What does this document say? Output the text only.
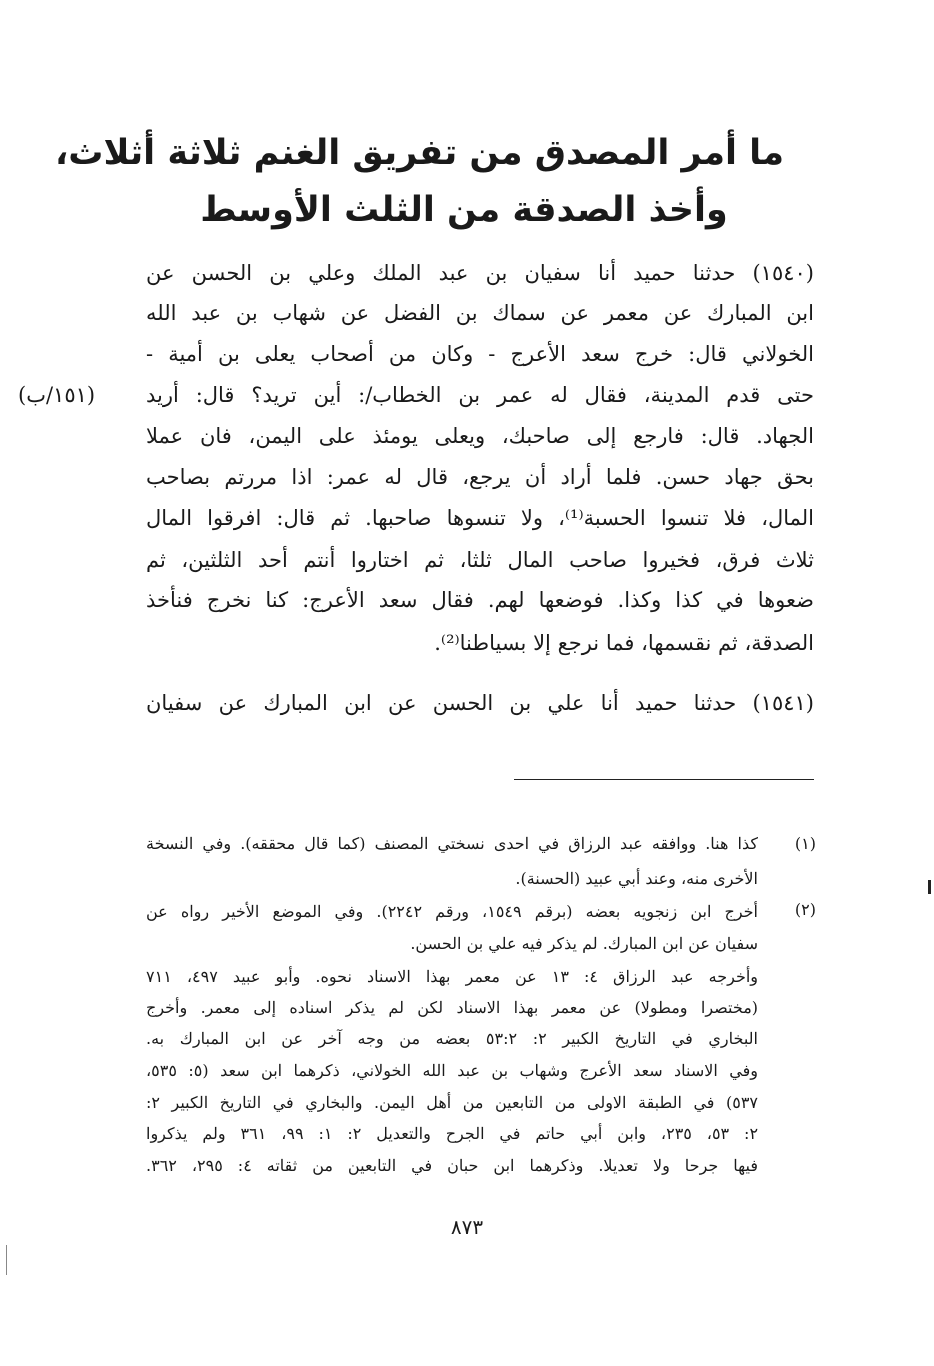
ما أمر المصدق من تفريق الغنم ثلاثة أثلاث،
وأخذ الصدقة من الثلث الأوسط
(١٥٤٠) حدثنا حميد أنا سفيان بن عبد الملك وعلي بن الحسن عن
ابن المبارك عن معمر عن سماك بن الفضل عن شهاب بن عبد الله
الخولاني قال: خرج سعد الأعرج - وكان من أصحاب يعلى بن أمية -
حتى قدم المدينة، فقال له عمر بن الخطاب/: أين تريد؟ قال: أريد
الجهاد. قال: فارجع إلى صاحبك، ويعلى يومئذ على اليمن، فان عملا
بحق جهاد حسن. فلما أراد أن يرجع، قال له عمر: اذا مررتم بصاحب
المال، فلا تنسوا الحسبة⁽¹⁾، ولا تنسوها صاحبها. ثم قال: افرقوا المال
ثلاث فرق، فخيروا صاحب المال ثلثا، ثم اختاروا أنتم أحد الثلثين، ثم
ضعوها في كذا وكذا. فوضعها لهم. فقال سعد الأعرج: كنا نخرج فنأخذ
الصدقة، ثم نقسمها، فما نرجع إلا بسياطنا⁽²⁾.
(١٥٤١) حدثنا حميد أنا علي بن الحسن عن ابن المبارك عن سفيان
(١٥١/ب)
(١)
كذا هنا. ووافقه عبد الرزاق في احدى نسختي المصنف (كما قال محققه). وفي النسخة
الأخرى منه، وعند أبي عبيد (الحسنة).
(٢)
أخرج ابن زنجويه بعضه (برقم ١٥٤٩، ورقم ٢٢٤٢). وفي الموضع الأخير رواه عن
سفيان عن ابن المبارك. لم يذكر فيه علي بن الحسن.
وأخرجه عبد الرزاق ٤: ١٣ عن معمر بهذا الاسناد نحوه. وأبو عبيد ٤٩٧، ٧١١
(مختصرا ومطولا) عن معمر بهذا الاسناد لكن لم يذكر اسناده إلى معمر. وأخرج
البخاري في التاريخ الكبير ٢: ٥٣:٢ بعضه من وجه آخر عن ابن المبارك به.
وفي الاسناد سعد الأعرج وشهاب بن عبد الله الخولاني، ذكرهما ابن سعد (٥: ٥٣٥،
٥٣٧) في الطبقة الاولى من التابعين من أهل اليمن. والبخاري في التاريخ الكبير ٢:
٢: ٥٣، ٢٣٥، وابن أبي حاتم في الجرح والتعديل ٢: ١: ٩٩، ٣٦١ ولم يذكروا
فيها جرحا ولا تعديلا. وذكرهما ابن حبان في التابعين من ثقاته ٤: ٢٩٥، ٣٦٢.
٨٧٣
